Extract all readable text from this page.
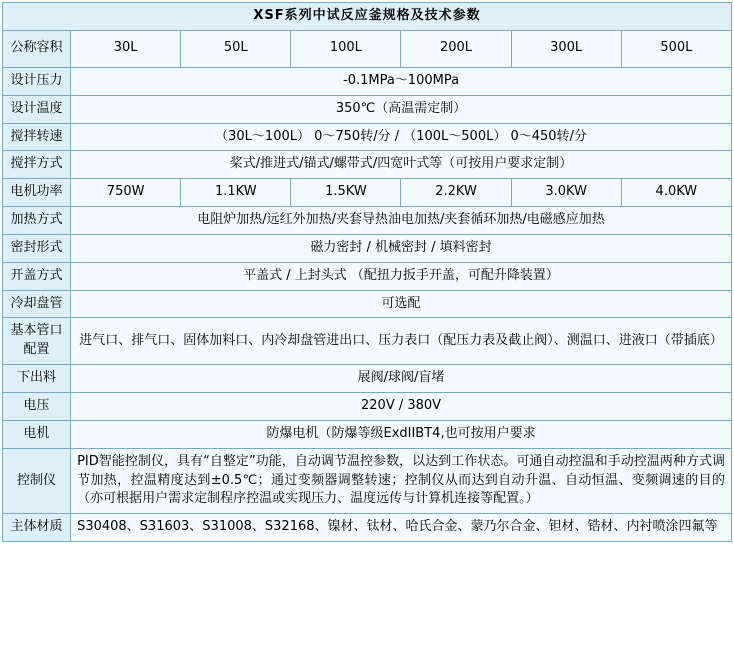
XSF系列中试反应釜规格及技术参数						
公称容积	30L	50L	100L	200L	300L	500L
设计压力	-0.1MPa～100MPa					
设计温度	350℃（高温需定制）					
搅拌转速	（30L～100L） 0～750转/分 / （100L～500L） 0～450转/分					
搅拌方式	桨式/推进式/锚式/螺带式/四宽叶式等（可按用户要求定制）					
电机功率	750W	1.1KW	1.5KW	2.2KW	3.0KW	4.0KW
加热方式	电阻炉加热/远红外加热/夹套导热油电加热/夹套循环加热/电磁感应加热					
密封形式	磁力密封 / 机械密封 / 填料密封					
开盖方式	平盖式 / 上封头式 （配扭力扳手开盖，可配升降装置）					
冷却盘管	可选配					
基本管口配置	进气口、排气口、固体加料口、内冷却盘管进出口、压力表口（配压力表及截止阀）、测温口、进液口（带插底）					
下出料	展阀/球阀/盲堵					
电压	220V / 380V					
电机	防爆电机（防爆等级ExdIIBT4,也可按用户要求					
控制仪	PID智能控制仪，具有“自整定”功能，自动调节温控参数，以达到工作状态。可通自动控温和手动控温两种方式调节加热，控温精度达到±0.5℃；通过变频器调整转速；控制仪从而达到自动升温、自动恒温、变频调速的目的（亦可根据用户需求定制程序控温或实现压力、温度远传与计算机连接等配置。）					
主体材质	S30408、S31603、S31008、S32168、镍材、钛材、哈氏合金、蒙乃尔合金、钽材、锆材、内衬喷涂四氟等					
